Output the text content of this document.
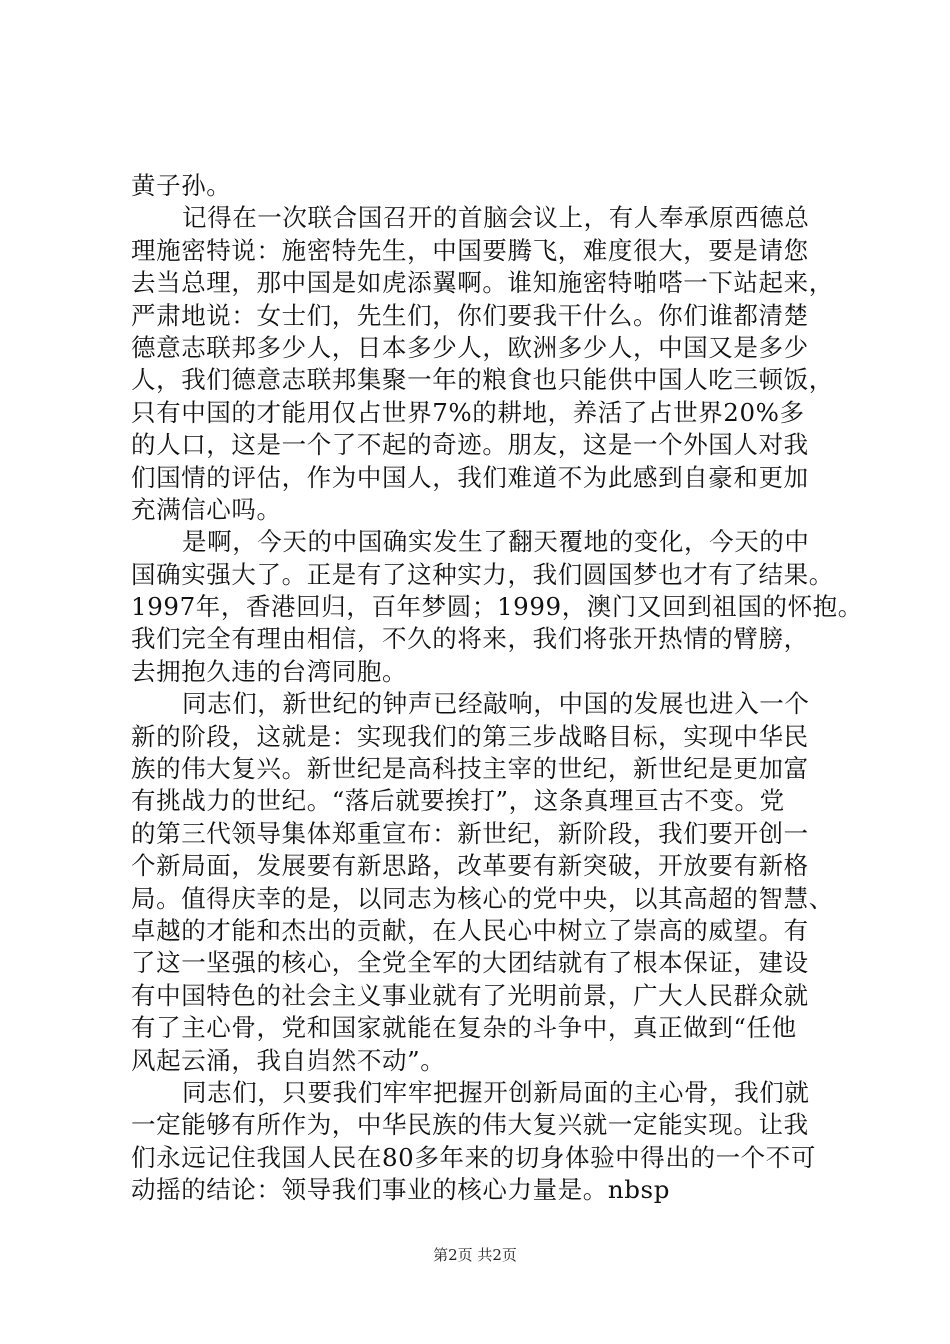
黄子孙。
记得在一次联合国召开的首脑会议上，有人奉承原西德总
理施密特说：施密特先生，中国要腾飞，难度很大，要是请您
去当总理，那中国是如虎添翼啊。谁知施密特啪嗒一下站起来，
严肃地说：女士们，先生们，你们要我干什么。你们谁都清楚
德意志联邦多少人，日本多少人，欧洲多少人，中国又是多少
人，我们德意志联邦集聚一年的粮食也只能供中国人吃三顿饭，
只有中国的才能用仅占世界7%的耕地，养活了占世界20%多
的人口，这是一个了不起的奇迹。朋友，这是一个外国人对我
们国情的评估，作为中国人，我们难道不为此感到自豪和更加
充满信心吗。
是啊，今天的中国确实发生了翻天覆地的变化，今天的中
国确实强大了。正是有了这种实力，我们圆国梦也才有了结果。
1997年，香港回归，百年梦圆；1999，澳门又回到祖国的怀抱。
我们完全有理由相信，不久的将来，我们将张开热情的臂膀，
去拥抱久违的台湾同胞。
同志们，新世纪的钟声已经敲响，中国的发展也进入一个
新的阶段，这就是：实现我们的第三步战略目标，实现中华民
族的伟大复兴。新世纪是高科技主宰的世纪，新世纪是更加富
有挑战力的世纪。“落后就要挨打”，这条真理亘古不变。党
的第三代领导集体郑重宣布：新世纪，新阶段，我们要开创一
个新局面，发展要有新思路，改革要有新突破，开放要有新格
局。值得庆幸的是，以同志为核心的党中央，以其高超的智慧、
卓越的才能和杰出的贡献，在人民心中树立了崇高的威望。有
了这一坚强的核心，全党全军的大团结就有了根本保证，建设
有中国特色的社会主义事业就有了光明前景，广大人民群众就
有了主心骨，党和国家就能在复杂的斗争中，真正做到“任他
风起云涌，我自岿然不动”。
同志们，只要我们牢牢把握开创新局面的主心骨，我们就
一定能够有所作为，中华民族的伟大复兴就一定能实现。让我
们永远记住我国人民在80多年来的切身体验中得出的一个不可
动摇的结论：领导我们事业的核心力量是。nbsp
第2页 共2页
